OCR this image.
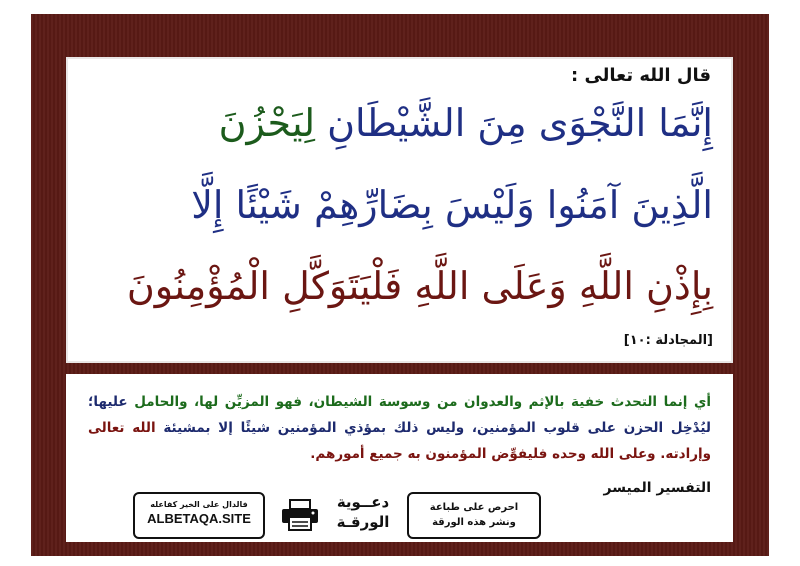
قال الله تعالى :
إِنَّمَا النَّجْوَى مِنَ الشَّيْطَانِ لِيَحْزُنَ
الَّذِينَ آمَنُوا وَلَيْسَ بِضَارِّهِمْ شَيْئًا إِلَّا
بِإِذْنِ اللَّهِ وَعَلَى اللَّهِ فَلْيَتَوَكَّلِ الْمُؤْمِنُونَ
[المجادلة :١٠]
أي إنما التحدث خفية بالإثم والعدوان من وسوسة الشيطان، فهو المزيِّن لها، والحامل عليها؛ ليُدْخِل الحزن على قلوب المؤمنين، وليس ذلك بمؤذي المؤمنين شيئًا إلا بمشيئة الله تعالى وإرادته. وعلى الله وحده فليفوِّض المؤمنون به جميع أمورهم.
التفسير الميسر
فالدال على الخير كفاعله
ALBETAQA.SITE
دعــوية
الورقـة
احرص على طباعة
ونشر هذه الورقة
